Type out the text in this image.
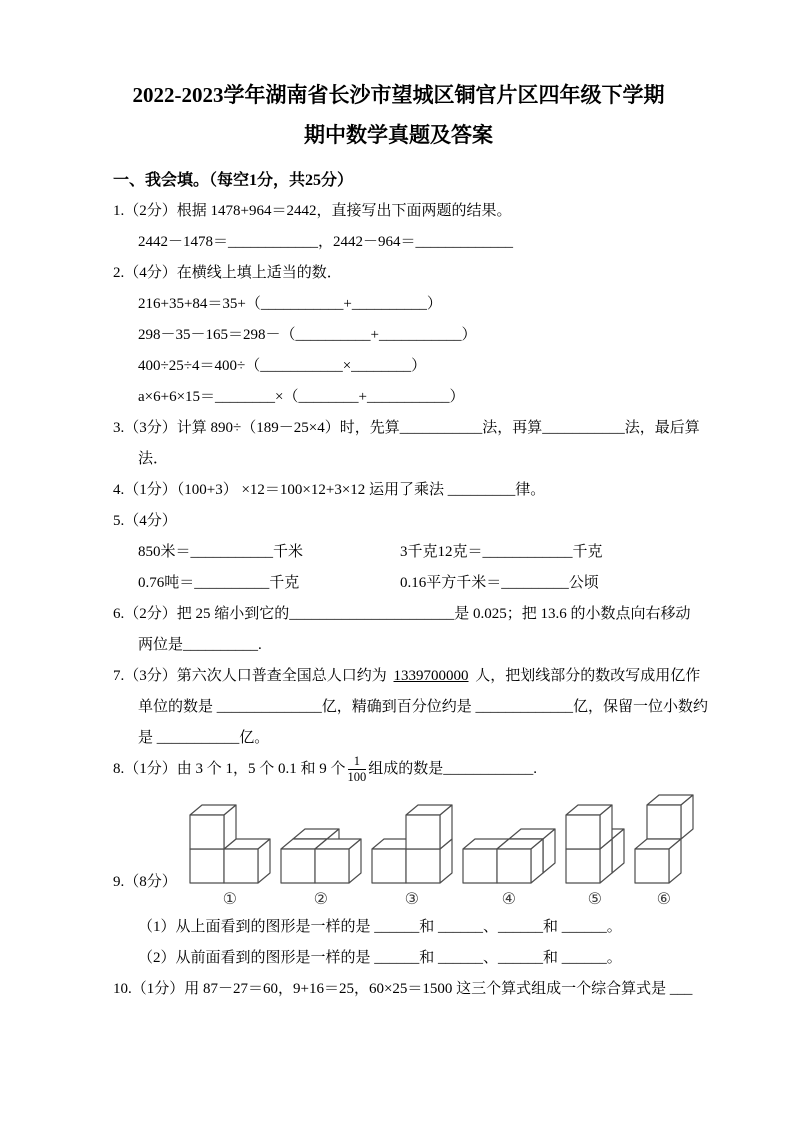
2022-2023学年湖南省长沙市望城区铜官片区四年级下学期
期中数学真题及答案

一、我会填。（每空1分，共25分）

1.（2分）根据 1478+964＝2442，直接写出下面两题的结果。

2442－1478＝____________，2442－964＝_____________

2.（4分）在横线上填上适当的数．

216+35+84＝35+（___________+__________）

298－35－165＝298－（__________+___________）

400÷25÷4＝400÷（___________×________）

a×6+6×15＝________×（________+___________）

3.（3分）计算 890÷（189－25×4）时，先算___________法，再算___________法，最后算

法．

4.（1分）（100+3） ×12＝100×12+3×12 运用了乘法 _________律。

5.（4分）

850米＝___________千米	3千克12克＝____________千克
0.76吨＝__________千克	0.16平方千米＝_________公顷

6.（2分）把 25 缩小到它的______________________是 0.025；把 13.6 的小数点向右移动

两位是__________.

7.（3分）第六次人口普查全国总人口约为 1339700000 人，把划线部分的数改写成用亿作

单位的数是 ______________亿，精确到百分位约是 _____________亿，保留一位小数约

是 ___________亿。

8.（1分）由 3 个 1，5 个 0.1 和 9 个 $\frac{1}{100}$ 组成的数是____________.

9.（8分）

①	②	③	④	⑤	⑥

（1）从上面看到的图形是一样的是 ______和 ______、______和 ______。

（2）从前面看到的图形是一样的是 ______和 ______、______和 ______。

10.（1分）用 87－27＝60，9+16＝25，60×25＝1500 这三个算式组成一个综合算式是 ___
